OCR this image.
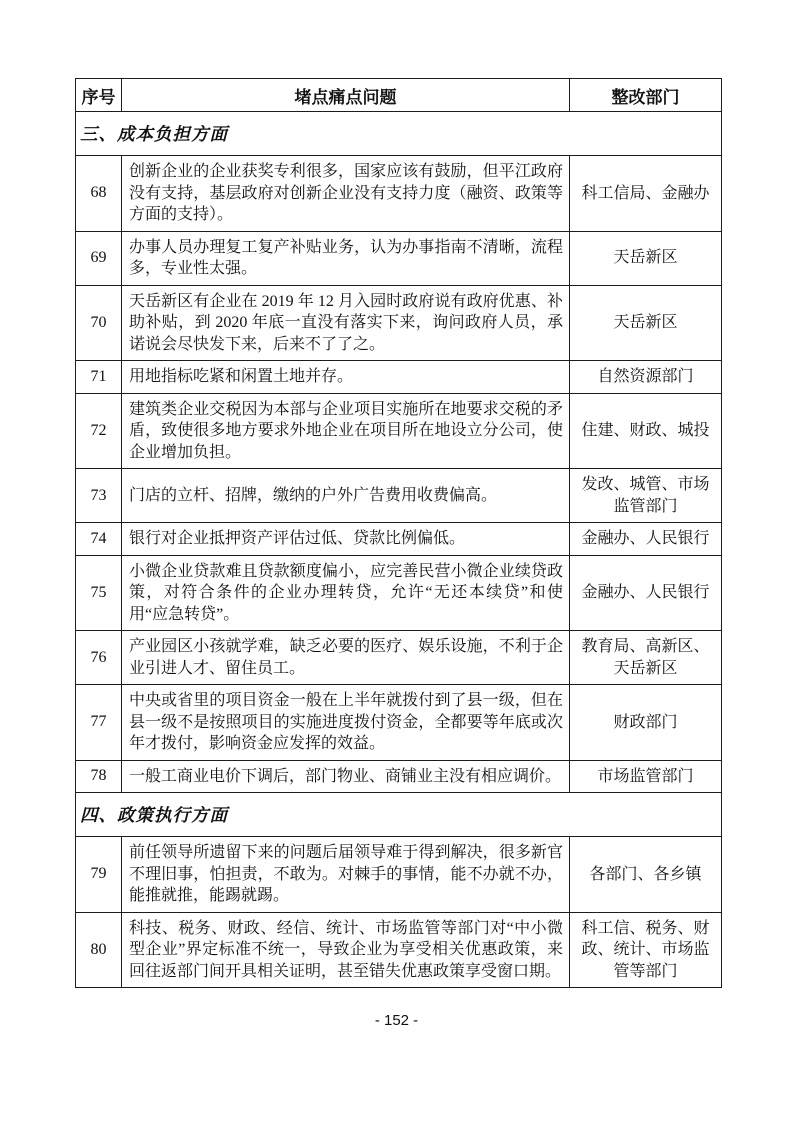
序号	堵点痛点问题	整改部门
三、成本负担方面		
68	创新企业的企业获奖专利很多，国家应该有鼓励，但平江政府没有支持，基层政府对创新企业没有支持力度（融资、政策等方面的支持）。	科工信局、金融办
69	办事人员办理复工复产补贴业务，认为办事指南不清晰，流程多，专业性太强。	天岳新区
70	天岳新区有企业在 2019 年 12 月入园时政府说有政府优惠、补助补贴，到 2020 年底一直没有落实下来，询问政府人员，承诺说会尽快发下来，后来不了了之。	天岳新区
71	用地指标吃紧和闲置土地并存。	自然资源部门
72	建筑类企业交税因为本部与企业项目实施所在地要求交税的矛盾，致使很多地方要求外地企业在项目所在地设立分公司，使企业增加负担。	住建、财政、城投
73	门店的立杆、招牌，缴纳的户外广告费用收费偏高。	发改、城管、市场监管部门
74	银行对企业抵押资产评估过低、贷款比例偏低。	金融办、人民银行
75	小微企业贷款难且贷款额度偏小，应完善民营小微企业续贷政策，对符合条件的企业办理转贷，允许“无还本续贷”和使用“应急转贷”。	金融办、人民银行
76	产业园区小孩就学难，缺乏必要的医疗、娱乐设施，不利于企业引进人才、留住员工。	教育局、高新区、天岳新区
77	中央或省里的项目资金一般在上半年就拨付到了县一级，但在县一级不是按照项目的实施进度拨付资金，全都要等年底或次年才拨付，影响资金应发挥的效益。	财政部门
78	一般工商业电价下调后，部门物业、商铺业主没有相应调价。	市场监管部门
四、政策执行方面		
79	前任领导所遗留下来的问题后届领导难于得到解决，很多新官不理旧事，怕担责，不敢为。对棘手的事情，能不办就不办，能推就推，能踢就踢。	各部门、各乡镇
80	科技、税务、财政、经信、统计、市场监管等部门对“中小微型企业”界定标准不统一，导致企业为享受相关优惠政策，来回往返部门间开具相关证明，甚至错失优惠政策享受窗口期。	科工信、税务、财政、统计、市场监管等部门
- 152 -
